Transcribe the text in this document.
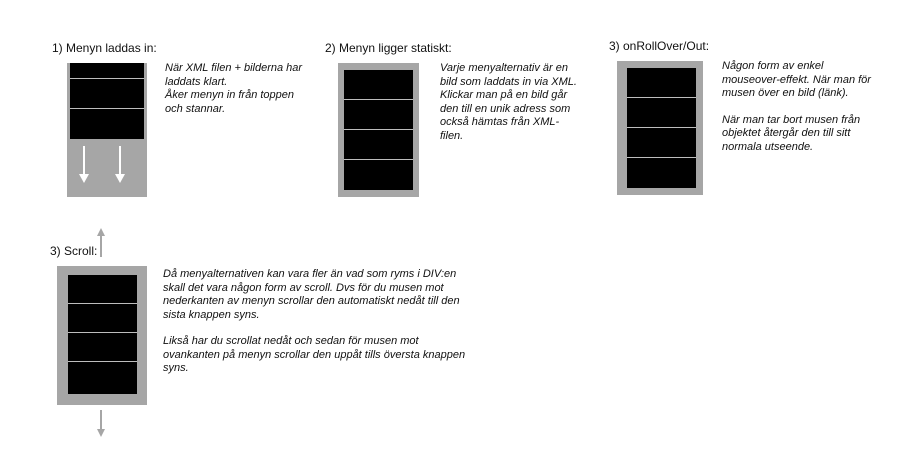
1) Menyn laddas in:

När XML filen + bilderna har laddats klart.

Åker menyn in från toppen och stannar.

2) Menyn ligger statiskt:

Varje menyalternativ är en bild som laddats in via XML. Klickar man på en bild går den till en unik adress som också hämtas från XML-filen.

3) onRollOver/Out:

Någon form av enkel mouseover-effekt. När man för musen över en bild (länk).

När man tar bort musen från objektet återgår den till sitt normala utseende.

3) Scroll:

Då menyalternativen kan vara fler än vad som ryms i DIV:en skall det vara någon form av scroll. Dvs för du musen mot nederkanten av menyn scrollar den automatiskt nedåt till den sista knappen syns.

Likså har du scrollat nedåt och sedan för musen mot ovankanten på menyn scrollar den uppåt tills översta knappen syns.
